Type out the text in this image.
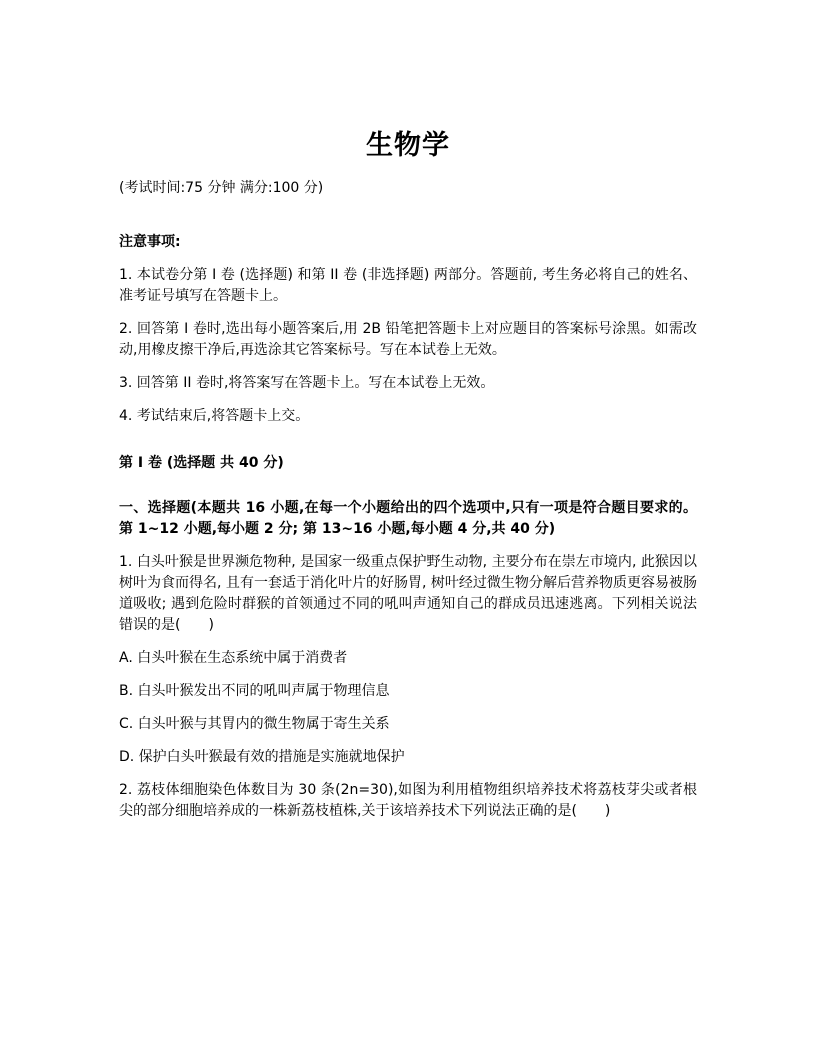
生物学

(考试时间:75 分钟 满分:100 分)

注意事项:

1. 本试卷分第 I 卷 (选择题) 和第 II 卷 (非选择题) 两部分。答题前, 考生务必将自己的姓名、 准考证号填写在答题卡上。

2. 回答第 I 卷时,选出每小题答案后,用 2B 铅笔把答题卡上对应题目的答案标号涂黑。如需改动,用橡皮擦干净后,再选涂其它答案标号。写在本试卷上无效。

3. 回答第 II 卷时,将答案写在答题卡上。写在本试卷上无效。

4. 考试结束后,将答题卡上交。

第 I 卷 (选择题 共 40 分)

一、选择题(本题共 16 小题,在每一个小题给出的四个选项中,只有一项是符合题目要求的。第 1~12 小题,每小题 2 分; 第 13~16 小题,每小题 4 分,共 40 分)

1. 白头叶猴是世界濒危物种, 是国家一级重点保护野生动物, 主要分布在崇左市境内, 此猴因以树叶为食而得名, 且有一套适于消化叶片的好肠胃, 树叶经过微生物分解后营养物质更容易被肠道吸收; 遇到危险时群猴的首领通过不同的吼叫声通知自己的群成员迅速逃离。下列相关说法错误的是(　　)

A. 白头叶猴在生态系统中属于消费者

B. 白头叶猴发出不同的吼叫声属于物理信息

C. 白头叶猴与其胃内的微生物属于寄生关系

D. 保护白头叶猴最有效的措施是实施就地保护

2. 荔枝体细胞染色体数目为 30 条(2n=30),如图为利用植物组织培养技术将荔枝芽尖或者根尖的部分细胞培养成的一株新荔枝植株,关于该培养技术下列说法正确的是(　　)
